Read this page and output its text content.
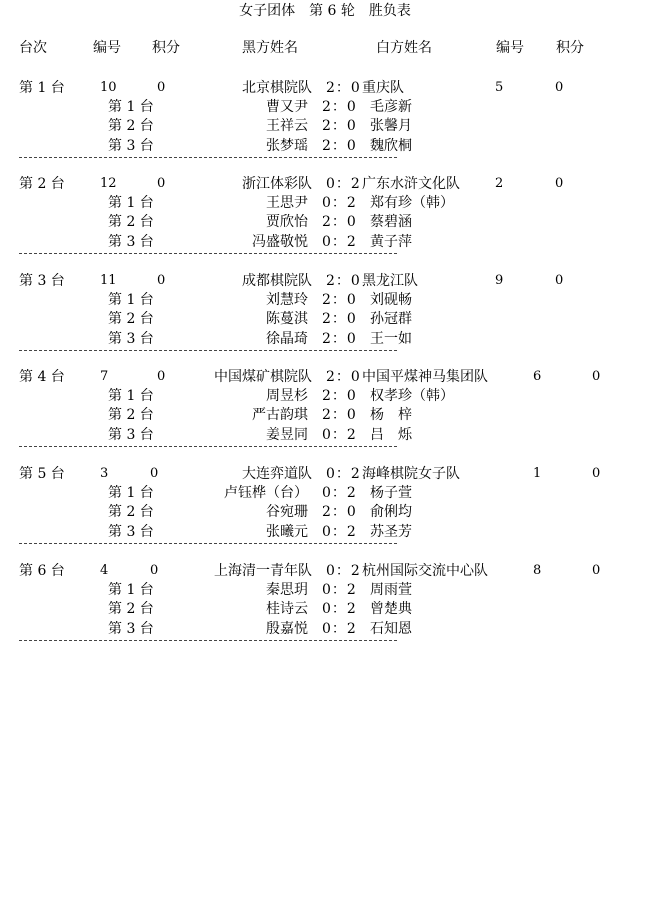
女子团体　第 6 轮　胜负表
台次	编号 积分	黑方姓名	白方姓名	编号 积分
第 1 台	10	0	北京棋院队 2：0 重庆队	5	0
第 1 台	曹又尹 2：0 毛彦新
第 2 台	王祥云 2：0 张馨月
第 3 台	张梦瑶 2：0 魏欣桐
第 2 台	12	0	浙江体彩队 0：2 广东水浒文化队	2	0
第 1 台	王思尹 0：2 郑有珍（韩）
第 2 台	贾欣怡 2：0 蔡碧涵
第 3 台	冯盛敬悦 0：2 黄子萍
第 3 台	11	0	成都棋院队 2：0 黑龙江队	9	0
第 1 台	刘慧玲 2：0 刘砚畅
第 2 台	陈蔓淇 2：0 孙冠群
第 3 台	徐晶琦 2：0 王一如
第 4 台	7	0	中国煤矿棋院队 2：0 中国平煤神马集团队	6	0
第 1 台	周昱杉 2：0 权孝珍（韩）
第 2 台	严古韵琪 2：0 杨　梓
第 3 台	姜昱同 0：2 吕　烁
第 5 台	3	0	大连弈道队 0：2 海峰棋院女子队	1	0
第 1 台	卢钰桦（台） 0：2 杨子萱
第 2 台	谷宛珊 2：0 俞俐均
第 3 台	张曦元 0：2 苏圣芳
第 6 台	4	0	上海清一青年队 0：2 杭州国际交流中心队	8	0
第 1 台	秦思玥 0：2 周雨萱
第 2 台	桂诗云 0：2 曾楚典
第 3 台	殷嘉悦 0：2 石知恩
